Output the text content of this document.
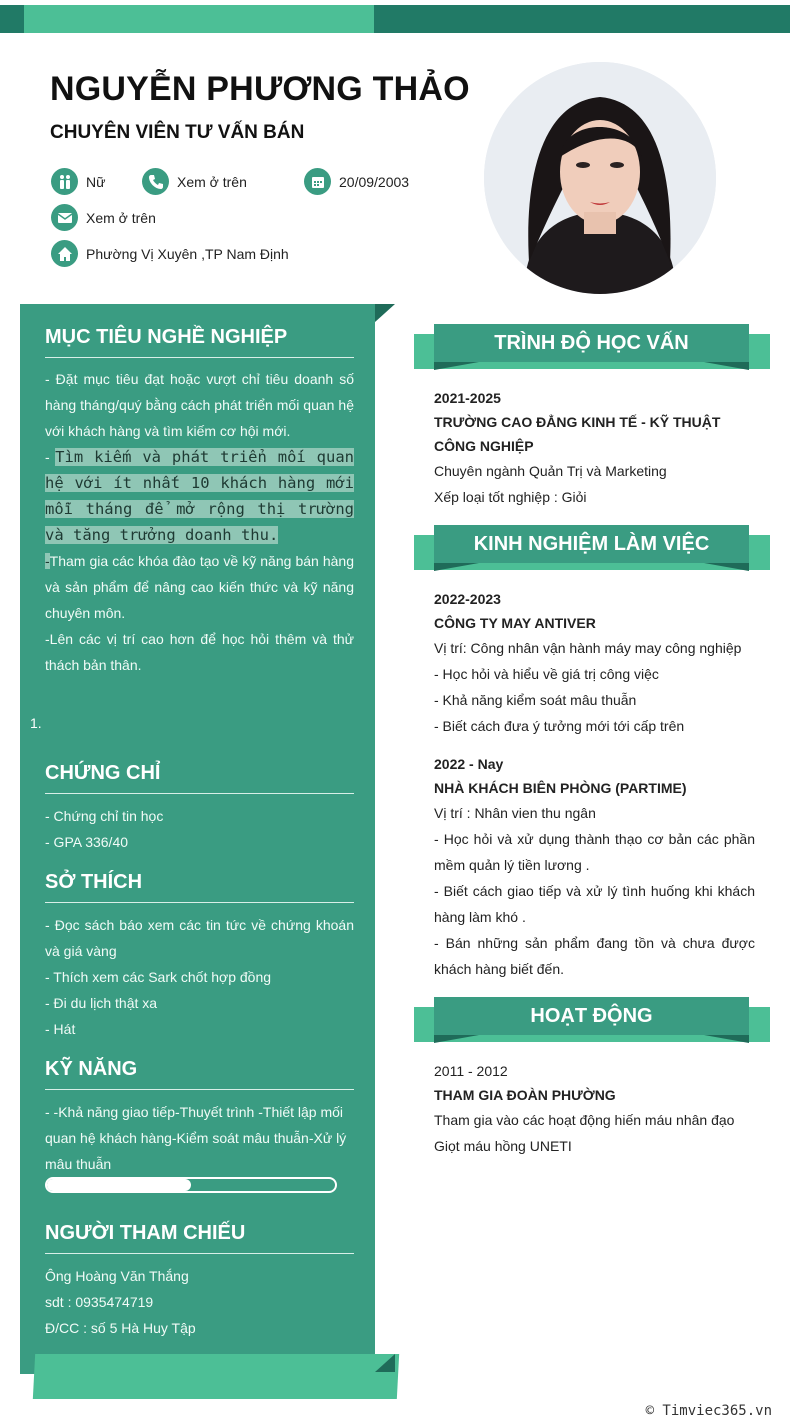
NGUYỄN PHƯƠNG THẢO
CHUYÊN VIÊN TƯ VẤN BÁN
Nữ	Xem ở trên	20/09/2003
Xem ở trên
Phường Vị Xuyên ,TP Nam Định
MỤC TIÊU NGHỀ NGHIỆP

- Đặt mục tiêu đạt hoặc vượt chỉ tiêu doanh số hàng tháng/quý bằng cách phát triển mối quan hệ với khách hàng và tìm kiếm cơ hội mới.

- Tìm kiếm và phát triển mối quan hệ với ít nhất 10 khách hàng mới mỗi tháng để mở rộng thị trường và tăng trưởng doanh thu.

-Tham gia các khóa đào tạo về kỹ năng bán hàng và sản phẩm để nâng cao kiến thức và kỹ năng chuyên môn.

-Lên các vị trí cao hơn để học hỏi thêm và thử thách bản thân.

1.
CHỨNG CHỈ

- Chứng chỉ tin học

- GPA 336/40

SỞ THÍCH

- Đọc sách báo xem các tin tức về chứng khoán và giá vàng

- Thích xem các Sark chốt hợp đồng

- Đi du lịch thật xa

- Hát

KỸ NĂNG

- -Khả năng giao tiếp-Thuyết trình -Thiết lập mối quan hệ khách hàng-Kiểm soát mâu thuẫn-Xử lý mâu thuẫn

NGƯỜI THAM CHIẾU

Ông Hoàng Văn Thắng

sdt : 0935474719

Đ/CC : số 5 Hà Huy Tập

TRÌNH ĐỘ HỌC VẤN
2021-2025
TRƯỜNG CAO ĐẲNG KINH TẾ - KỸ THUẬT CÔNG NGHIỆP

Chuyên ngành Quản Trị và Marketing

Xếp loại tốt nghiệp : Giỏi

KINH NGHIỆM LÀM VIỆC
2022-2023
CÔNG TY MAY ANTIVER

Vị trí: Công nhân vận hành máy may công nghiệp

- Học hỏi và hiểu về giá trị công việc

- Khả năng kiểm soát mâu thuẫn

- Biết cách đưa ý tưởng mới tới cấp trên

2022 - Nay
NHÀ KHÁCH BIÊN PHÒNG (PARTIME)

Vị trí : Nhân vien thu ngân

- Học hỏi và xử dụng thành thạo cơ bản các phần mềm quản lý tiền lương .

- Biết cách giao tiếp và xử lý tình huống khi khách hàng làm khó .

- Bán những sản phẩm đang tồn và chưa được khách hàng biết đến.

HOẠT ĐỘNG
2011 - 2012
THAM GIA ĐOÀN PHƯỜNG

Tham gia vào các hoạt động hiến máu nhân đạo

Giọt máu hồng UNETI

© Timviec365.vn
